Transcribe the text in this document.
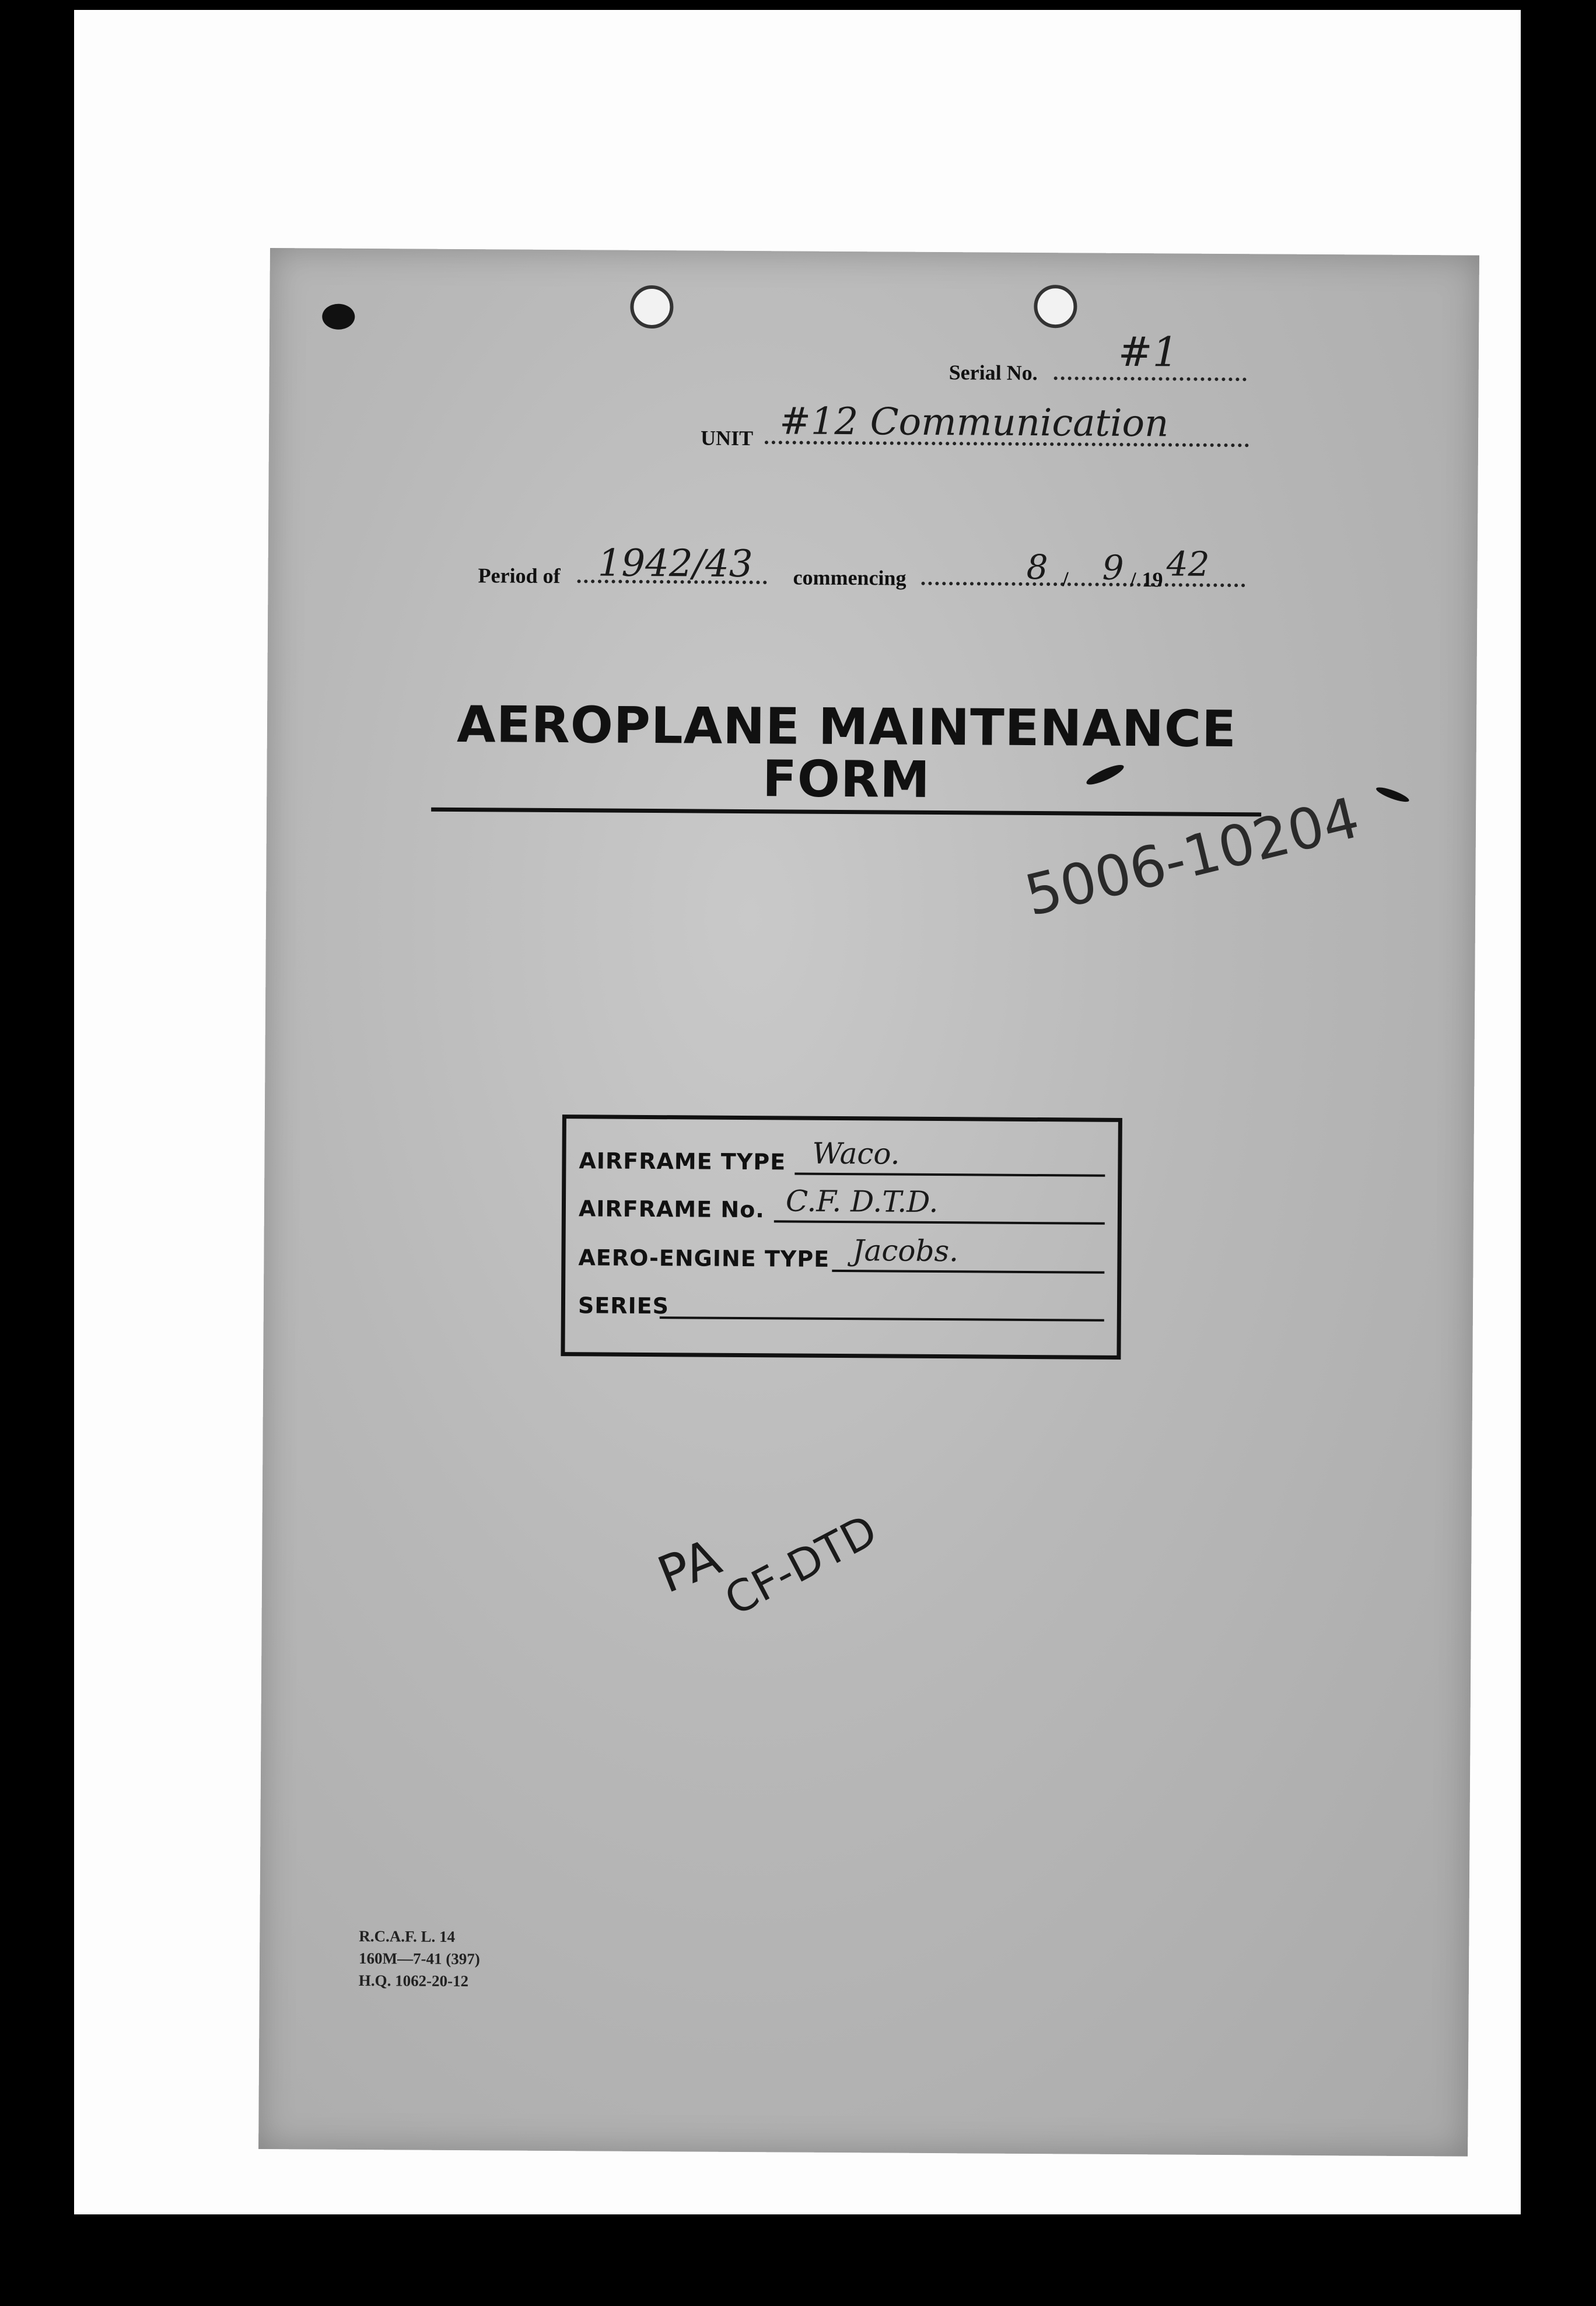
Serial No. #1
UNIT #12 Communication
Period of 1942/43 commencing	8 / 9 / 19 42
AEROPLANE MAINTENANCE FORM
5006-10204
AIRFRAME TYPE Waco.
AIRFRAME No. C.F. D.T.D.
AERO-ENGINE TYPE Jacobs.
SERIES
PA
CF-DTD
R.C.A.F. L. 14
160M—7-41 (397)
H.Q. 1062-20-12
